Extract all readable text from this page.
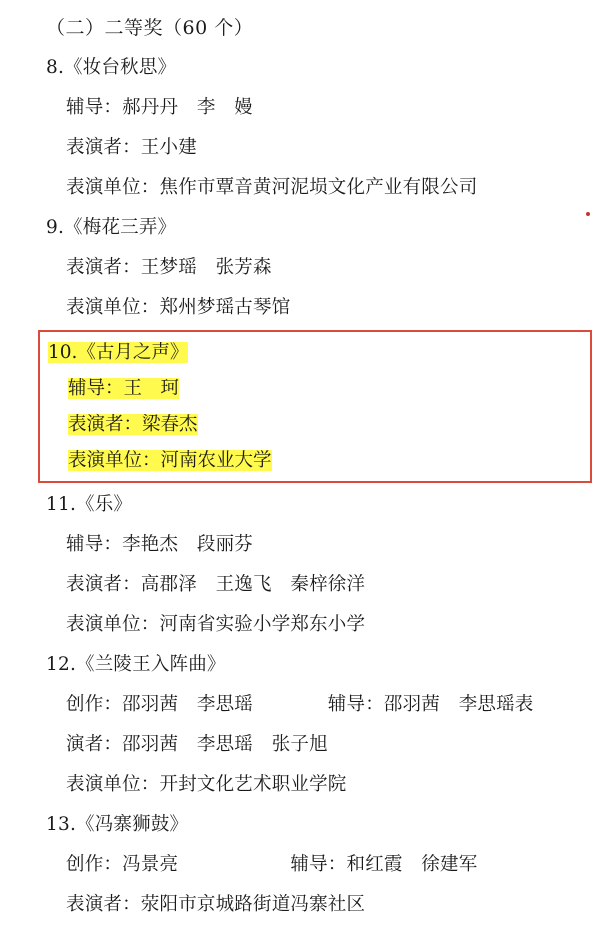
（二）二等奖（60 个）
8.《妆台秋思》
辅导：郝丹丹　李　嫚
表演者：王小建
表演单位：焦作市覃音黄河泥埙文化产业有限公司
9.《梅花三弄》
表演者：王梦瑶　张芳森
表演单位：郑州梦瑶古琴馆
10.《古月之声》
辅导：王　珂
表演者：梁春杰
表演单位：河南农业大学
11.《乐》
辅导：李艳杰　段丽芬
表演者：高郡泽　王逸飞　秦梓徐洋
表演单位：河南省实验小学郑东小学
12.《兰陵王入阵曲》
创作：邵羽茜　李思瑶　　　　辅导：邵羽茜　李思瑶表
演者：邵羽茜　李思瑶　张子旭
表演单位：开封文化艺术职业学院
13.《冯寨狮鼓》
创作：冯景亮　　　　　　辅导：和红霞　徐建军
表演者：荥阳市京城路街道冯寨社区
